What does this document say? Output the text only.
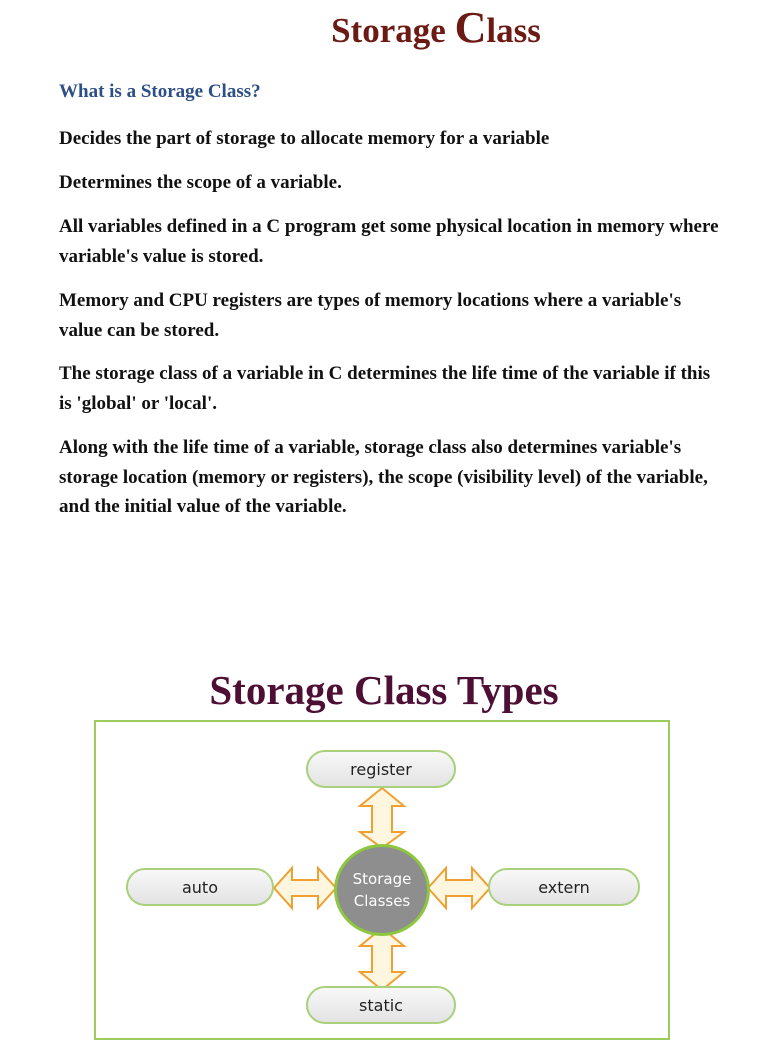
Storage Class

What is a Storage Class?

Decides the part of storage to allocate memory for a variable

Determines the scope of a variable.

All variables defined in a C program get some physical location in memory where variable's value is stored.

Memory and CPU registers are types of memory locations where a variable's value can be stored.

The storage class of a variable in C determines the life time of the variable if this is 'global' or 'local'.

Along with the life time of a variable, storage class also determines variable's storage location (memory or registers), the scope (visibility level) of the variable, and the initial value of the variable.

Storage Class Types
register
auto	extern
static
Storage
Classes
